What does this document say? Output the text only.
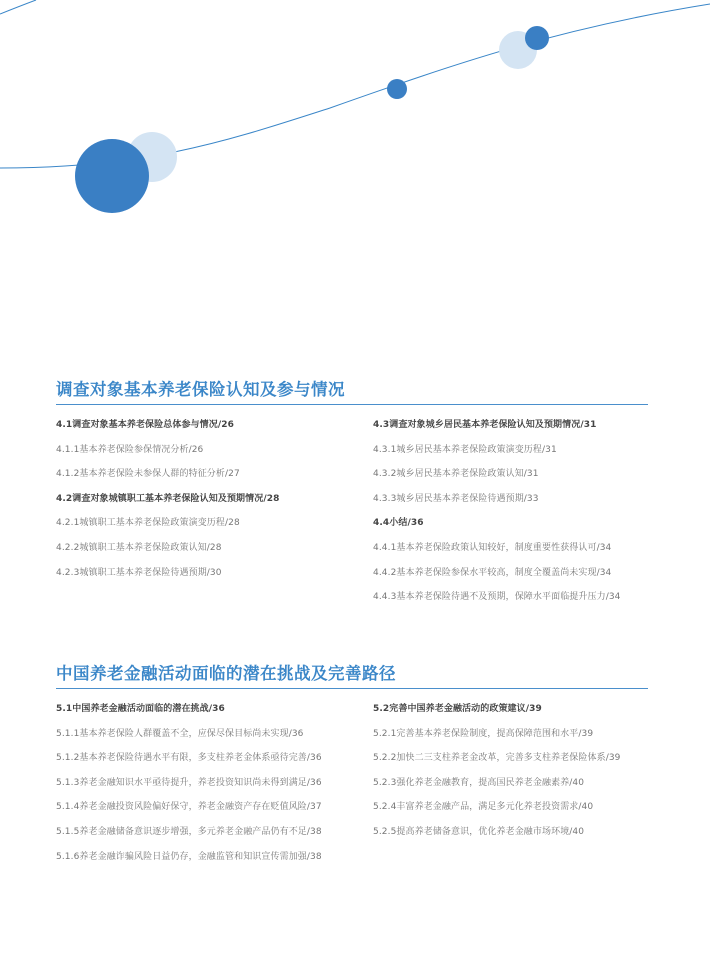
调查对象基本养老保险认知及参与情况
4.1调查对象基本养老保险总体参与情况/26
4.1.1基本养老保险参保情况分析/26
4.1.2基本养老保险未参保人群的特征分析/27
4.2调查对象城镇职工基本养老保险认知及预期情况/28
4.2.1城镇职工基本养老保险政策演变历程/28
4.2.2城镇职工基本养老保险政策认知/28
4.2.3城镇职工基本养老保险待遇预期/30
4.3调查对象城乡居民基本养老保险认知及预期情况/31
4.3.1城乡居民基本养老保险政策演变历程/31
4.3.2城乡居民基本养老保险政策认知/31
4.3.3城乡居民基本养老保险待遇预期/33
4.4小结/36
4.4.1基本养老保险政策认知较好，制度重要性获得认可/34
4.4.2基本养老保险参保水平较高，制度全覆盖尚未实现/34
4.4.3基本养老保险待遇不及预期，保障水平面临提升压力/34
中国养老金融活动面临的潜在挑战及完善路径
5.1中国养老金融活动面临的潜在挑战/36
5.1.1基本养老保险人群覆盖不全，应保尽保目标尚未实现/36
5.1.2基本养老保险待遇水平有限，多支柱养老金体系亟待完善/36
5.1.3养老金融知识水平亟待提升，养老投资知识尚未得到满足/36
5.1.4养老金融投资风险偏好保守，养老金融资产存在贬值风险/37
5.1.5养老金融储备意识逐步增强，多元养老金融产品仍有不足/38
5.1.6养老金融诈骗风险日益仍存，金融监管和知识宣传需加强/38
5.2完善中国养老金融活动的政策建议/39
5.2.1完善基本养老保险制度，提高保障范围和水平/39
5.2.2加快二三支柱养老金改革，完善多支柱养老保险体系/39
5.2.3强化养老金融教育，提高国民养老金融素养/40
5.2.4丰富养老金融产品，满足多元化养老投资需求/40
5.2.5提高养老储备意识，优化养老金融市场环境/40
